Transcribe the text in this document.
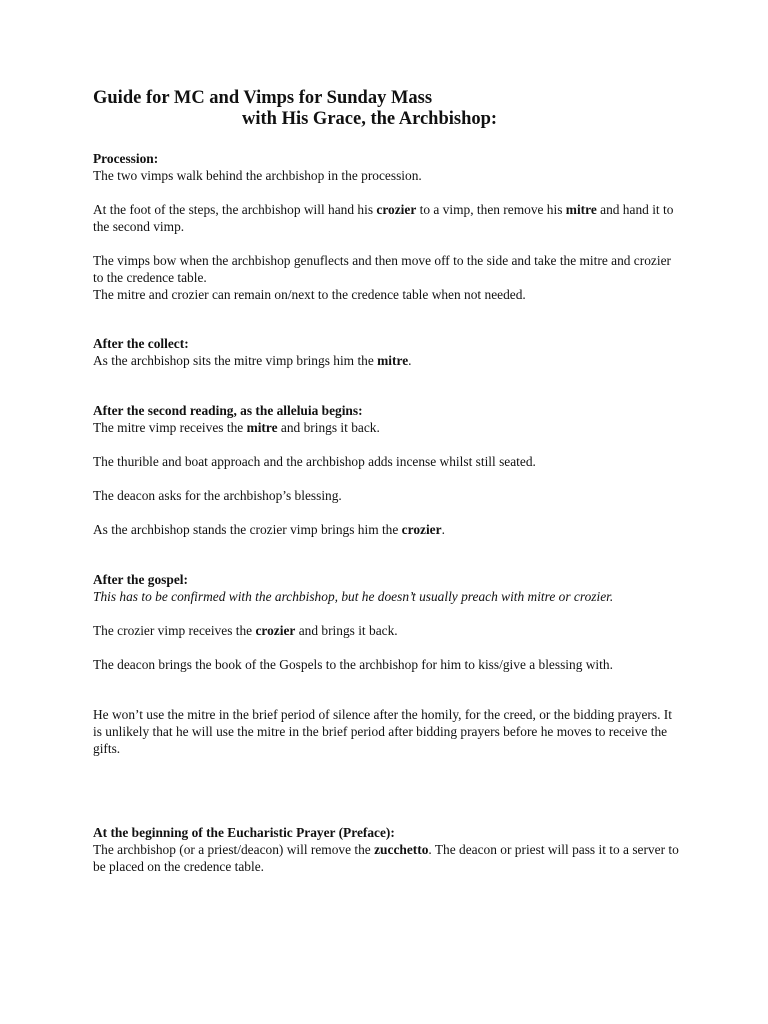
Guide for MC and Vimps for Sunday Mass
with His Grace, the Archbishop:
Procession:

The two vimps walk behind the archbishop in the procession.

At the foot of the steps, the archbishop will hand his crozier to a vimp, then remove his mitre and hand it to the second vimp.

The vimps bow when the archbishop genuflects and then move off to the side and take the mitre and crozier to the credence table.

The mitre and crozier can remain on/next to the credence table when not needed.

After the collect:

As the archbishop sits the mitre vimp brings him the mitre.

After the second reading, as the alleluia begins:

The mitre vimp receives the mitre and brings it back.

The thurible and boat approach and the archbishop adds incense whilst still seated.

The deacon asks for the archbishop’s blessing.

As the archbishop stands the crozier vimp brings him the crozier.

After the gospel:

This has to be confirmed with the archbishop, but he doesn’t usually preach with mitre or crozier.

The crozier vimp receives the crozier and brings it back.

The deacon brings the book of the Gospels to the archbishop for him to kiss/give a blessing with.

He won’t use the mitre in the brief period of silence after the homily, for the creed, or the bidding prayers. It is unlikely that he will use the mitre in the brief period after bidding prayers before he moves to receive the gifts.

At the beginning of the Eucharistic Prayer (Preface):

The archbishop (or a priest/deacon) will remove the zucchetto. The deacon or priest will pass it to a server to be placed on the credence table.
